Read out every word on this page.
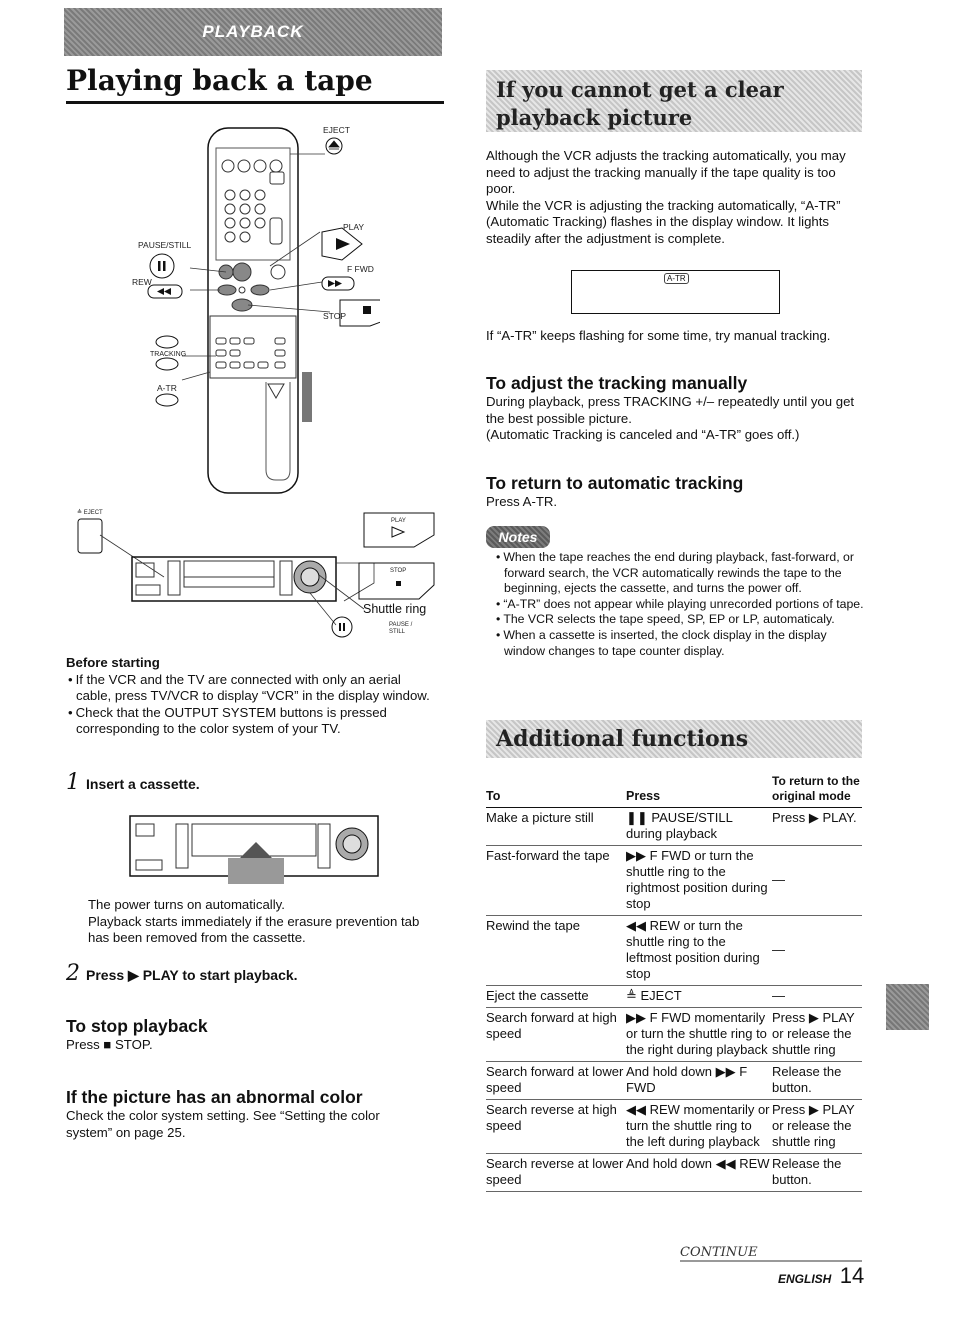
PLAYBACK
Playing back a tape
EJECT
PLAY
PAUSE/STILL
F FWD
REW
STOP
TRACKING
A-TR
≜ EJECT
PLAY
STOP
Shuttle ring
PAUSE / STILL
Before starting
• If the VCR and the TV are connected with only an aerial cable, press TV/VCR to display “VCR” in the display window.
• Check that the OUTPUT SYSTEM buttons is pressed corresponding to the color system of your TV.
1 Insert a cassette.
The power turns on automatically.
Playback starts immediately if the erasure prevention tab has been removed from the cassette.
2 Press ▶ PLAY to start playback.
To stop playback
Press ■ STOP.
If the picture has an abnormal color
Check the color system setting. See “Setting the color system” on page 25.
If you cannot get a clear playback picture
Although the VCR adjusts the tracking automatically, you may need to adjust the tracking manually if the tape quality is too poor.
While the VCR is adjusting the tracking automatically, “A-TR” (Automatic Tracking) flashes in the display window. It lights steadily after the adjustment is complete.
A-TR
If “A-TR” keeps flashing for some time, try manual tracking.
To adjust the tracking manually
During playback, press TRACKING +/– repeatedly until you get the best possible picture.
(Automatic Tracking is canceled and “A-TR” goes off.)
To return to automatic tracking
Press A-TR.
Notes
• When the tape reaches the end during playback, fast-forward, or forward search, the VCR automatically rewinds the tape to the beginning, ejects the cassette, and turns the power off.
• “A-TR” does not appear while playing unrecorded portions of tape.
• The VCR selects the tape speed, SP, EP or LP, automaticaly.
• When a cassette is inserted, the clock display in the display window changes to tape counter display.
Additional functions
To	Press	To return to the original mode
Make a picture still	❚❚ PAUSE/STILL during playback	Press ▶ PLAY.
Fast-forward the tape	▶▶ F FWD or turn the shuttle ring to the rightmost position during stop	—
Rewind the tape	◀◀ REW or turn the shuttle ring to the leftmost position during stop	—
Eject the cassette	≜ EJECT	—
Search forward at high speed	▶▶ F FWD momentarily or turn the shuttle ring to the right during playback	Press ▶ PLAY or release the shuttle ring
Search forward at lower speed	And hold down ▶▶ F FWD	Release the button.
Search reverse at high speed	◀◀ REW momentarily or turn the shuttle ring to the left during playback	Press ▶ PLAY or release the shuttle ring
Search reverse at lower speed	And hold down ◀◀ REW	Release the button.
CONTINUE
ENGLISH 14
